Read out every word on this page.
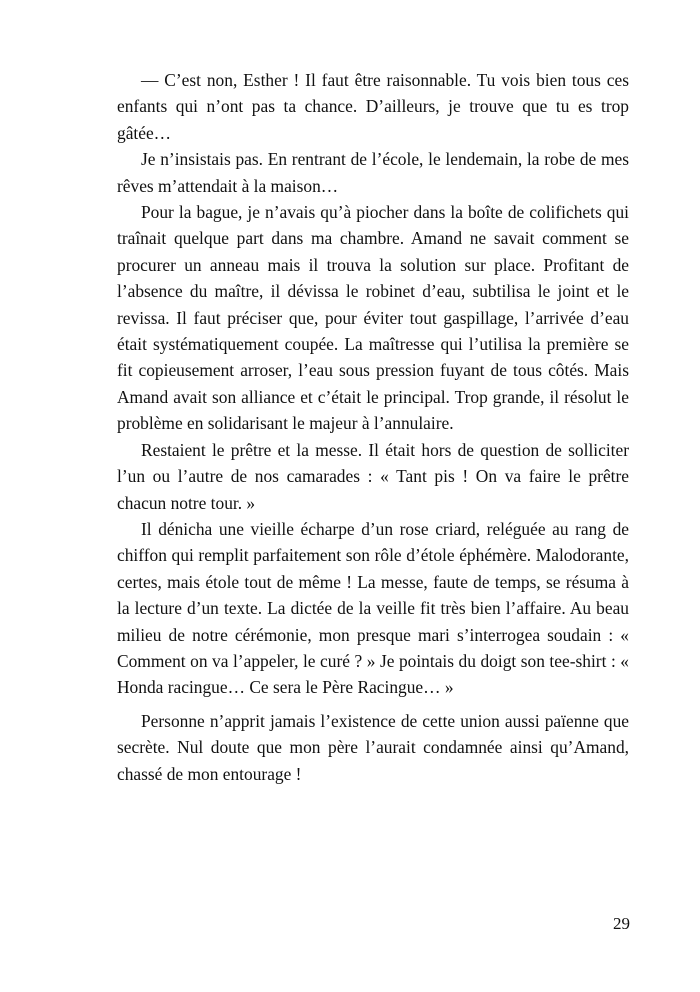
— C’est non, Esther ! Il faut être raisonnable. Tu vois bien tous ces enfants qui n’ont pas ta chance. D’ailleurs, je trouve que tu es trop gâtée…

Je n’insistais pas. En rentrant de l’école, le lendemain, la robe de mes rêves m’attendait à la maison…

Pour la bague, je n’avais qu’à piocher dans la boîte de colifichets qui traînait quelque part dans ma chambre. Amand ne savait comment se procurer un anneau mais il trouva la solution sur place. Profitant de l’absence du maître, il dévissa le robinet d’eau, subtilisa le joint et le revissa. Il faut préciser que, pour éviter tout gaspillage, l’arrivée d’eau était systématiquement coupée. La maîtresse qui l’utilisa la première se fit copieusement arroser, l’eau sous pression fuyant de tous côtés. Mais Amand avait son alliance et c’était le principal. Trop grande, il résolut le problème en solidarisant le majeur à l’annulaire.

Restaient le prêtre et la messe. Il était hors de question de solliciter l’un ou l’autre de nos camarades : « Tant pis ! On va faire le prêtre chacun notre tour. »

Il dénicha une vieille écharpe d’un rose criard, reléguée au rang de chiffon qui remplit parfaitement son rôle d’étole éphémère. Malodorante, certes, mais étole tout de même ! La messe, faute de temps, se résuma à la lecture d’un texte. La dictée de la veille fit très bien l’affaire. Au beau milieu de notre cérémonie, mon presque mari s’interrogea soudain : « Comment on va l’appeler, le curé ? » Je pointais du doigt son tee-shirt : « Honda racingue… Ce sera le Père Racingue… »

Personne n’apprit jamais l’existence de cette union aussi païenne que secrète. Nul doute que mon père l’aurait condamnée ainsi qu’Amand, chassé de mon entourage !

29
